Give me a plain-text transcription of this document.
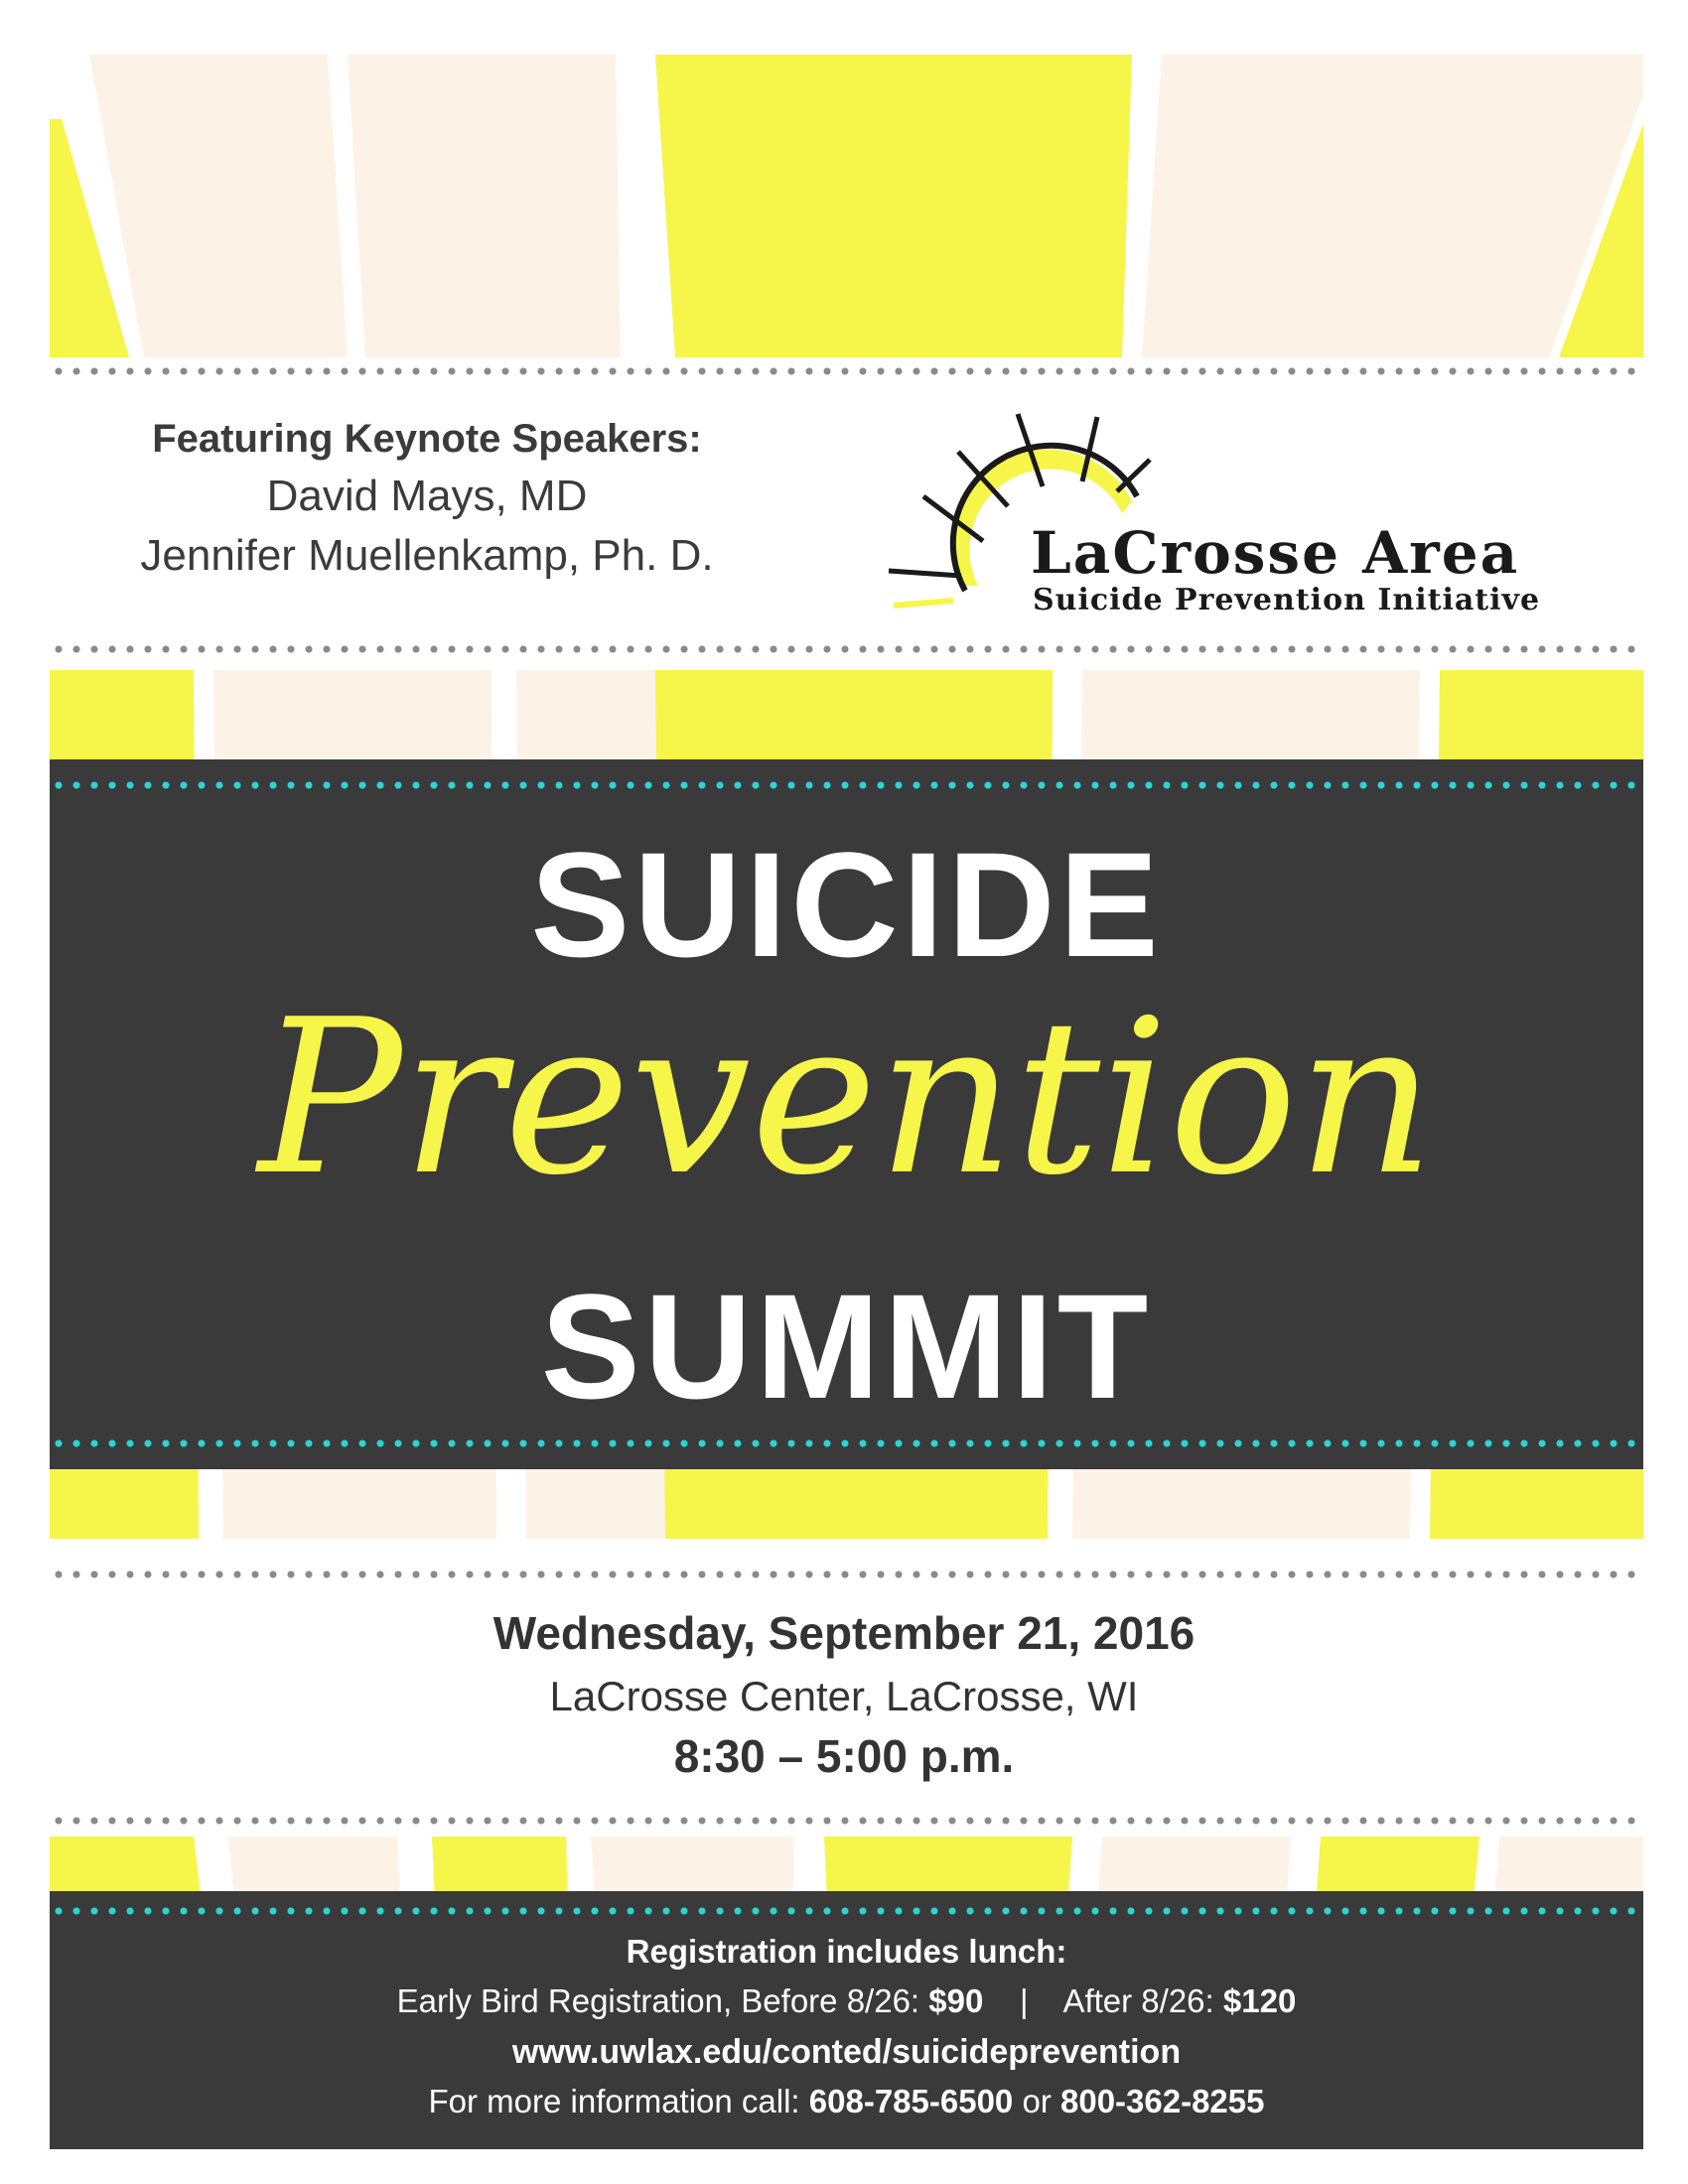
Featuring Keynote Speakers:
David Mays, MD
Jennifer Muellenkamp, Ph. D.	LaCrosse Area
Suicide Prevention Initiative
SUICIDE
Prevention
SUMMIT
Wednesday, September 21, 2016
LaCrosse Center, LaCrosse, WI
8:30 – 5:00 p.m.
Registration includes lunch:
Early Bird Registration, Before 8/26: $90 | After 8/26: $120
www.uwlax.edu/conted/suicideprevention
For more information call: 608-785-6500 or 800-362-8255
